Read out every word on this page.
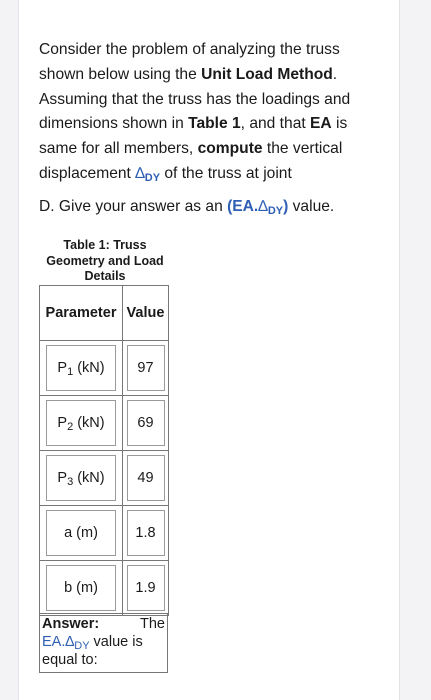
Consider the problem of analyzing the truss
shown below using the Unit Load Method.
Assuming that the truss has the loadings and
dimensions shown in Table 1, and that EA is
same for all members, compute the vertical
displacement $\Delta_{DY}$ of the truss at joint
D. Give your answer as an $(EA.\Delta_{DY})$ value.
Table 1: Truss Geometry and Load Details
Parameter	Value
$P_1$ (kN)	97
$P_2$ (kN)	69
$P_3$ (kN)	49
a (m)	1.8
b (m)	1.9
Answer:	The
$EA.\Delta_{DY}$ value is
equal to:
